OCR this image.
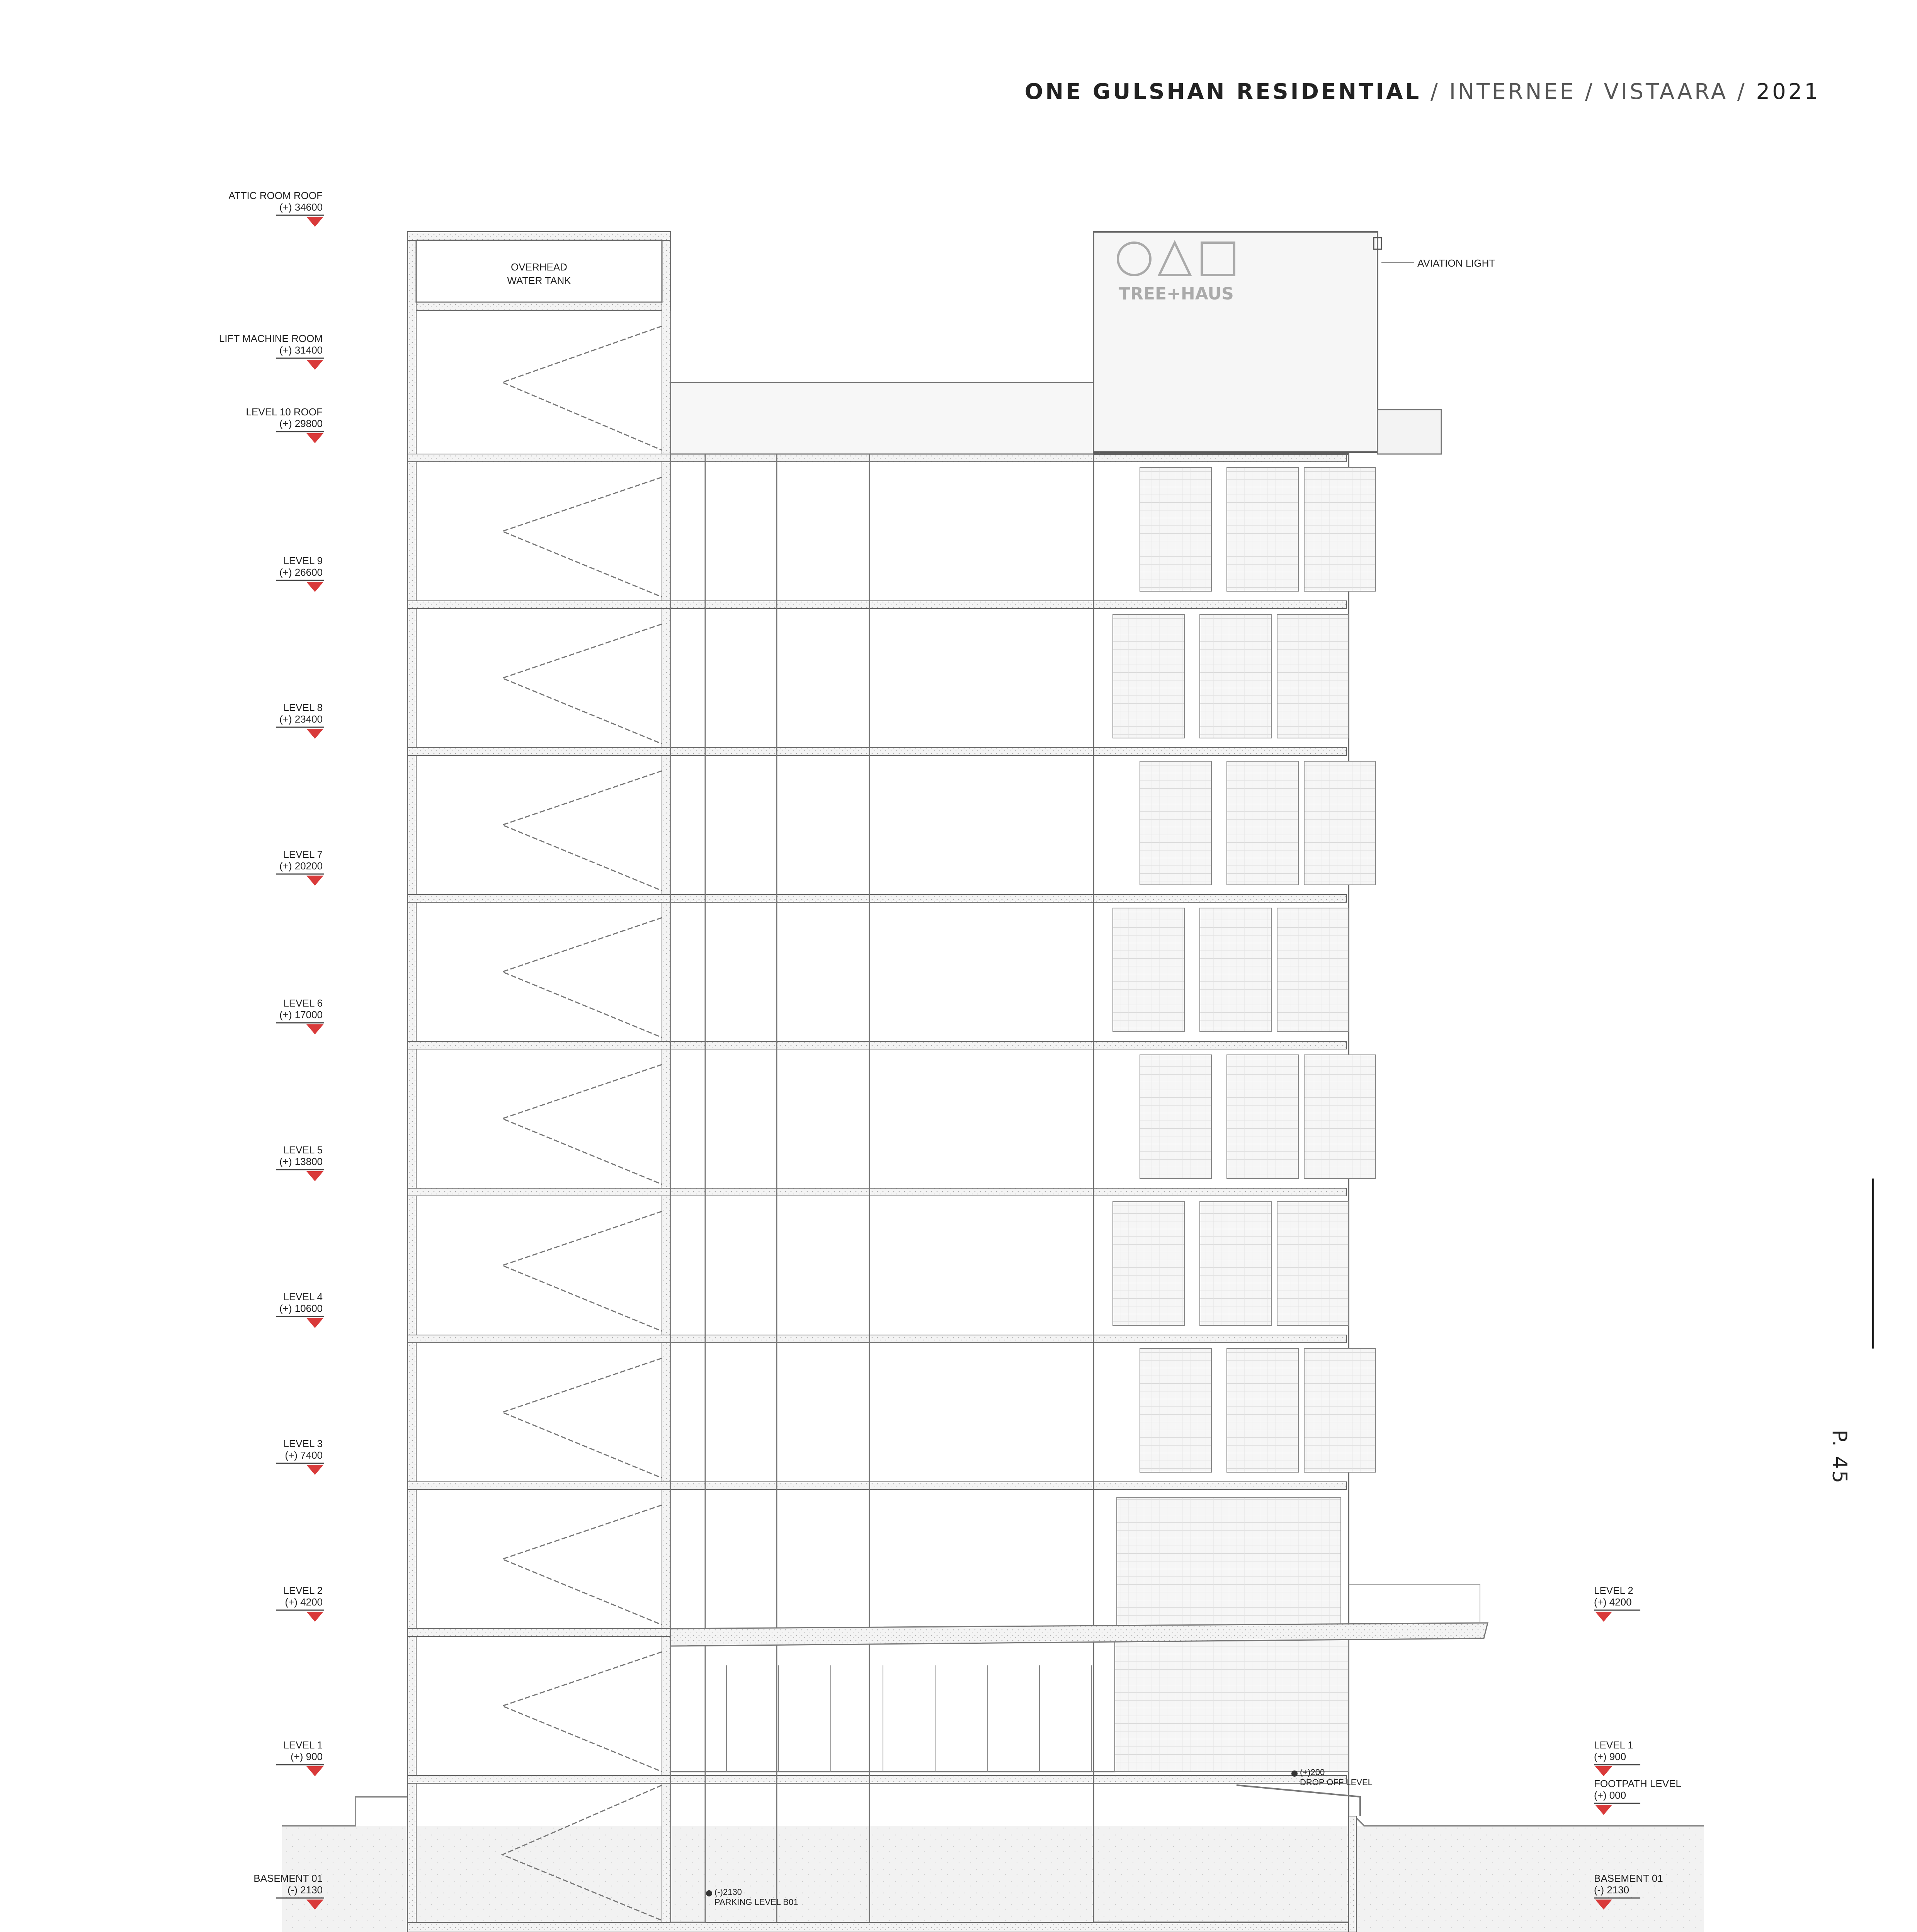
ONE GULSHAN RESIDENTIAL / INTERNEE / VISTAARA / 2021
P. 45
OVERHEAD
WATER TANK
TREE+HAUS
AVIATION LIGHT
(+)200
DROP OFF LEVEL
(-)2130
PARKING LEVEL B01
ATTIC ROOM ROOF
(+) 34600
LIFT MACHINE ROOM
(+) 31400
LEVEL 10 ROOF
(+) 29800
LEVEL 9
(+) 26600
LEVEL 8
(+) 23400
LEVEL 7
(+) 20200
LEVEL 6
(+) 17000
LEVEL 5
(+) 13800
LEVEL 4
(+) 10600
LEVEL 3
(+) 7400
LEVEL 2
(+) 4200
LEVEL 1
(+) 900
BASEMENT 01
(-) 2130
LEVEL 2
(+) 4200
LEVEL 1
(+) 900
FOOTPATH LEVEL
(+) 000
BASEMENT 01
(-) 2130
